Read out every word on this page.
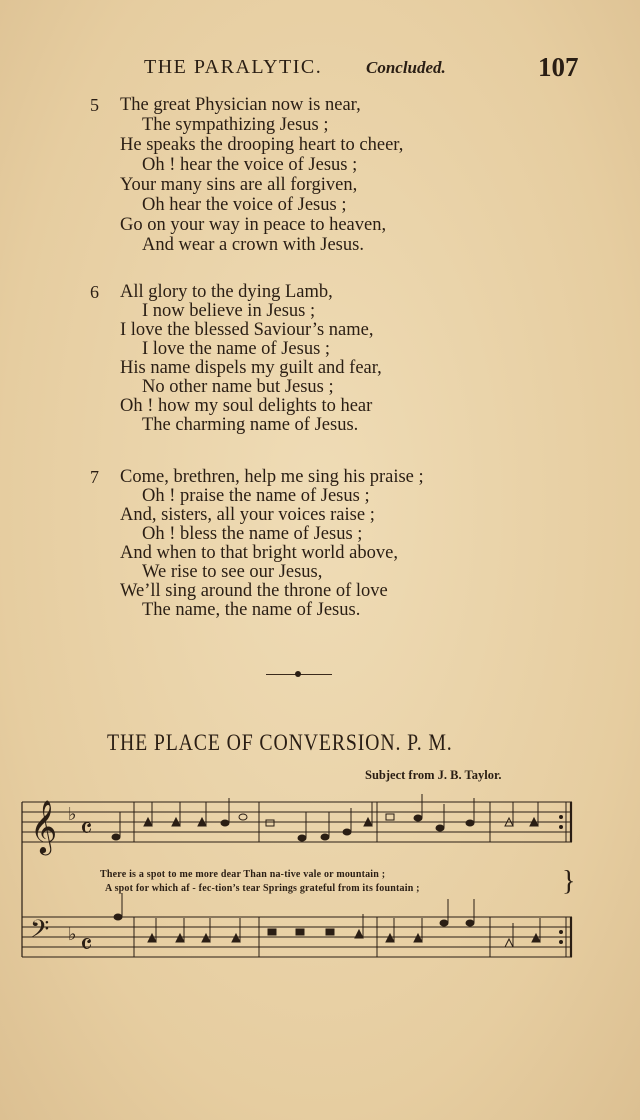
THE PARALYTIC.	Concluded.	107
5 The great Physician now is near,
The sympathizing Jesus ;
He speaks the drooping heart to cheer,
Oh ! hear the voice of Jesus ;
Your many sins are all forgiven,
Oh hear the voice of Jesus ;
Go on your way in peace to heaven,
And wear a crown with Jesus.
6 All glory to the dying Lamb,
I now believe in Jesus ;
I love the blessed Saviour’s name,
I love the name of Jesus ;
His name dispels my guilt and fear,
No other name but Jesus ;
Oh ! how my soul delights to hear
The charming name of Jesus.
7 Come, brethren, help me sing his praise ;
Oh ! praise the name of Jesus ;
And, sisters, all your voices raise ;
Oh ! bless the name of Jesus ;
And when to that bright world above,
We rise to see our Jesus,
We’ll sing around the throne of love
The name, the name of Jesus.
THE PLACE OF CONVERSION. P. M.
Subject from J. B. Taylor.
𝄞 ♭ 𝄴
𝄢 ♭ 𝄴
There is a spot to me more dear Than na-tive vale or mountain ;
A spot for which af - fec-tion’s tear Springs grateful from its fountain ;	}
